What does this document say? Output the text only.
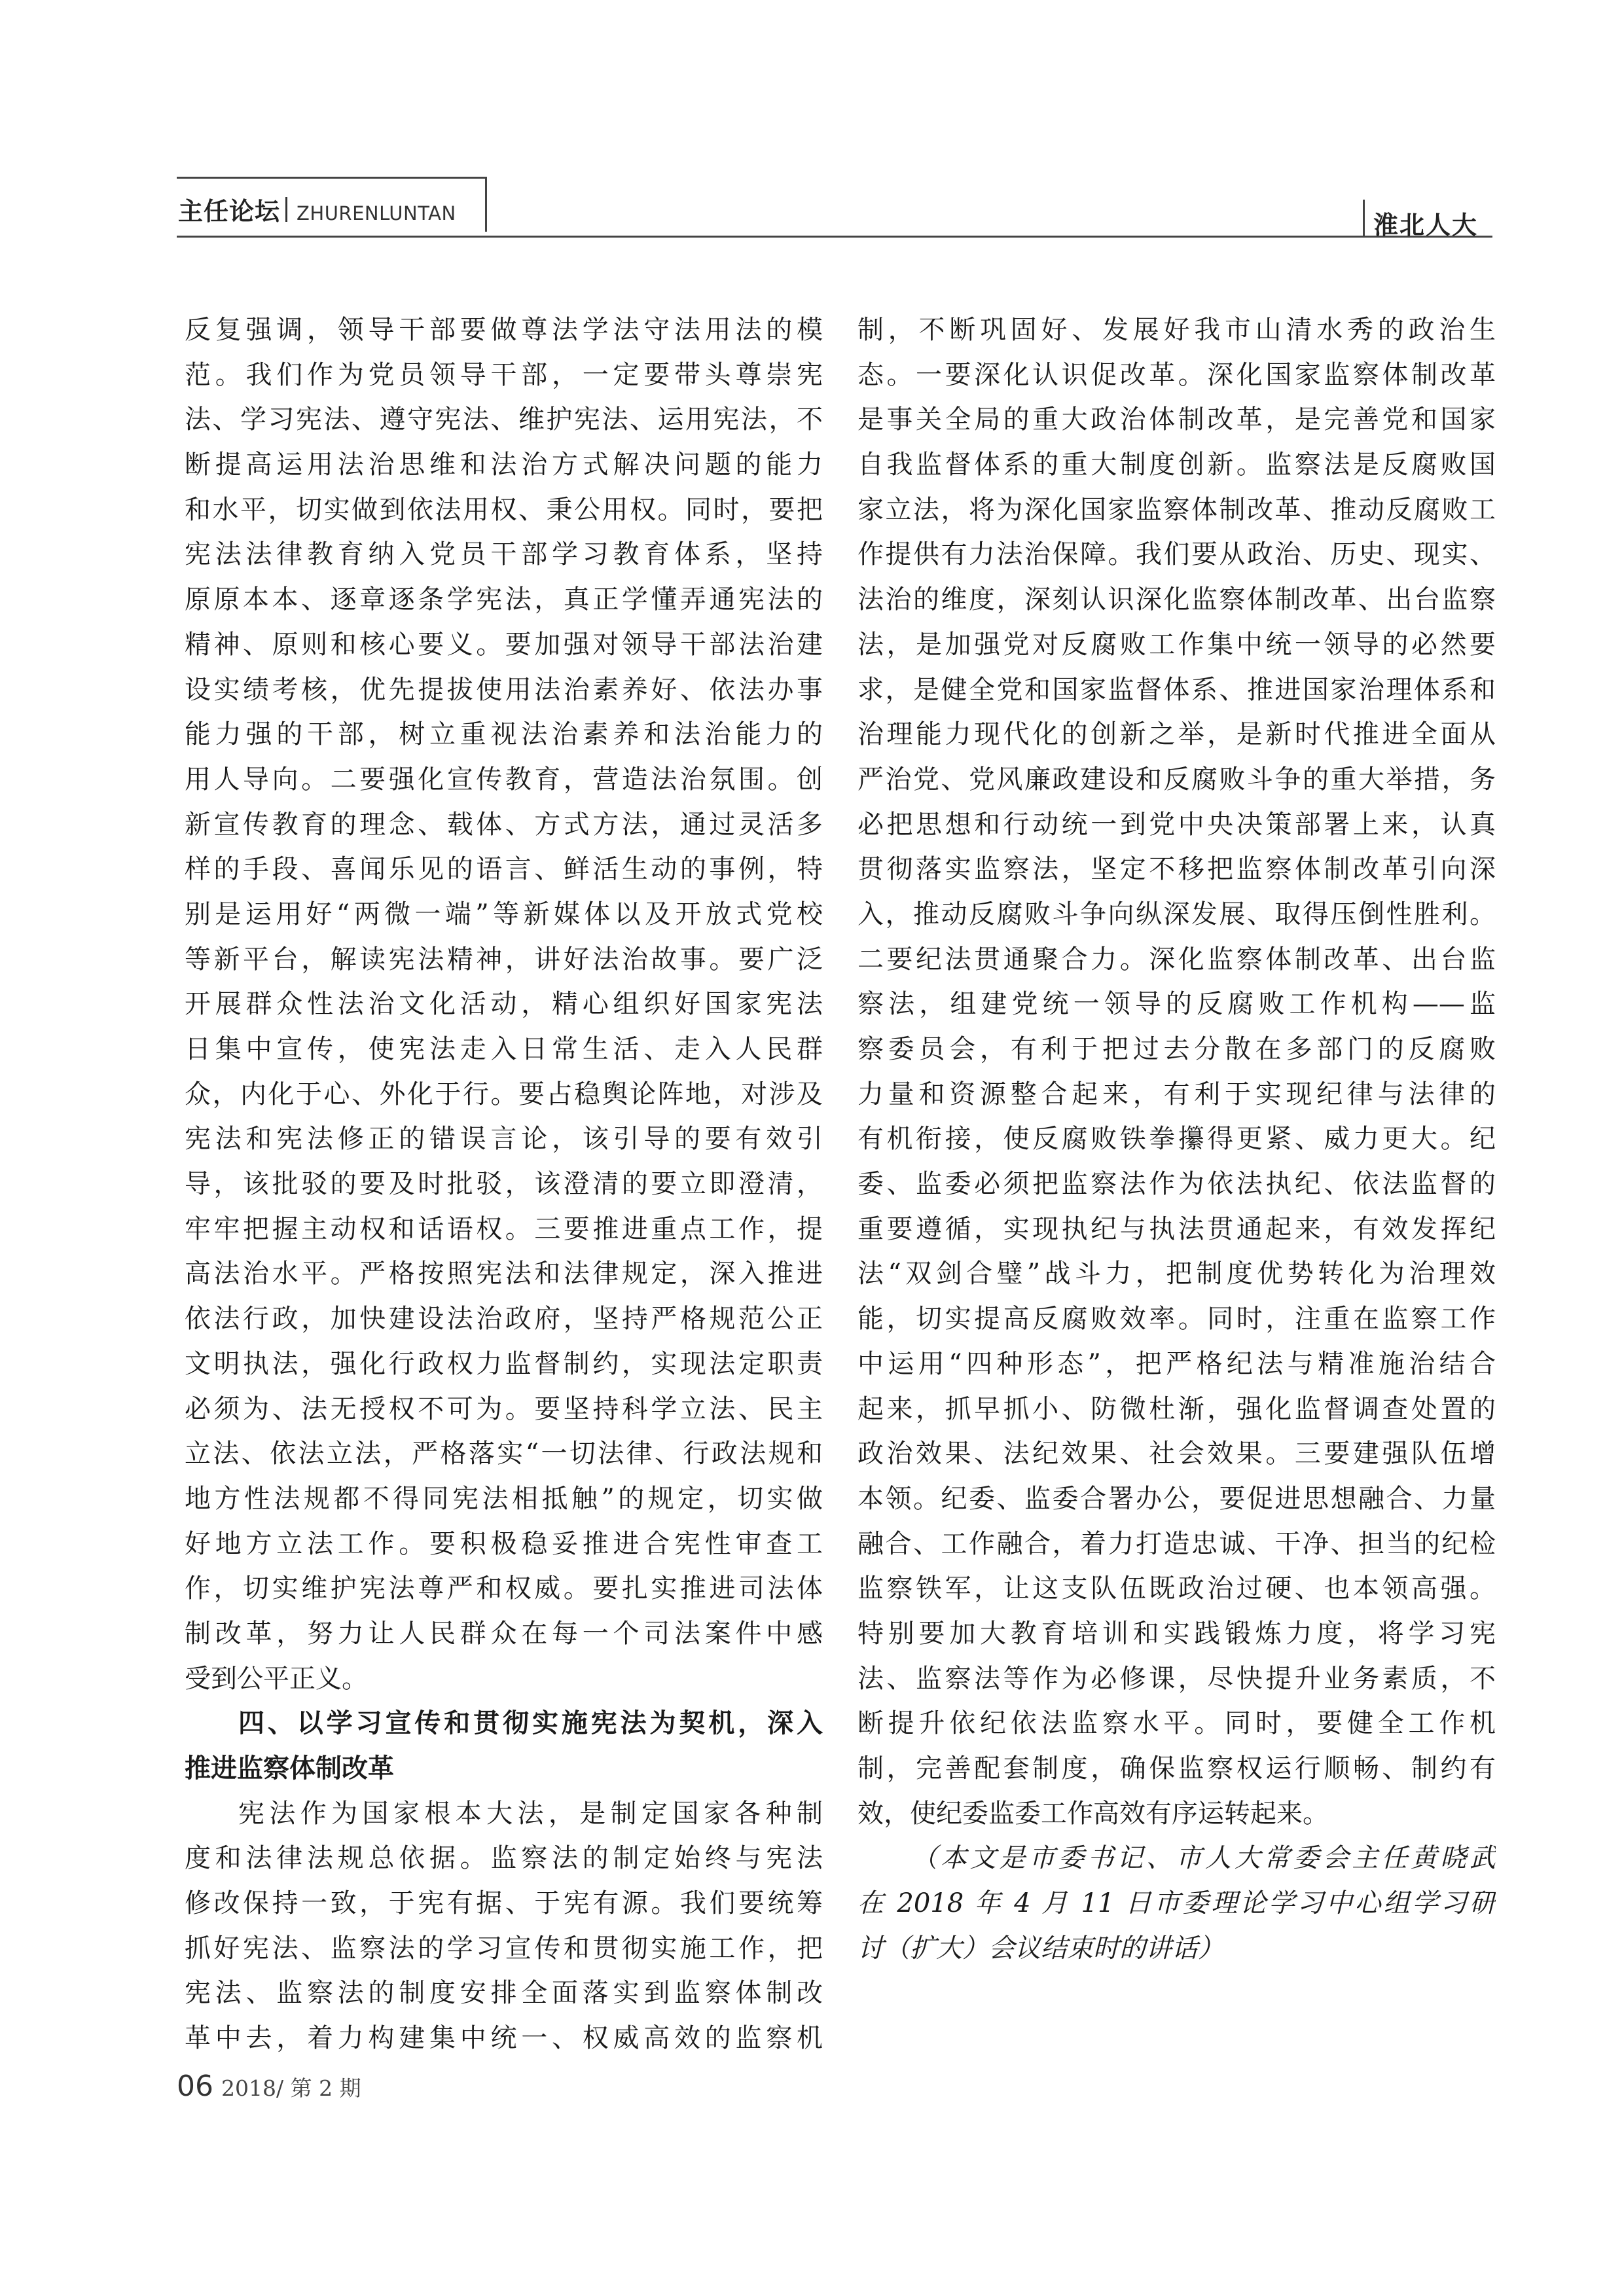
主任论坛 ZHURENLUNTAN	淮北人大
反复强调，领导干部要做尊法学法守法用法的模
范。我们作为党员领导干部，一定要带头尊崇宪
法、学习宪法、遵守宪法、维护宪法、运用宪法，不
断提高运用法治思维和法治方式解决问题的能力
和水平，切实做到依法用权、秉公用权。同时，要把
宪法法律教育纳入党员干部学习教育体系，坚持
原原本本、逐章逐条学宪法，真正学懂弄通宪法的
精神、原则和核心要义。要加强对领导干部法治建
设实绩考核，优先提拔使用法治素养好、依法办事
能力强的干部，树立重视法治素养和法治能力的
用人导向。二要强化宣传教育，营造法治氛围。创
新宣传教育的理念、载体、方式方法，通过灵活多
样的手段、喜闻乐见的语言、鲜活生动的事例，特
别是运用好“两微一端”等新媒体以及开放式党校
等新平台，解读宪法精神，讲好法治故事。要广泛
开展群众性法治文化活动，精心组织好国家宪法
日集中宣传，使宪法走入日常生活、走入人民群
众，内化于心、外化于行。要占稳舆论阵地，对涉及
宪法和宪法修正的错误言论，该引导的要有效引
导，该批驳的要及时批驳，该澄清的要立即澄清，
牢牢把握主动权和话语权。三要推进重点工作，提
高法治水平。严格按照宪法和法律规定，深入推进
依法行政，加快建设法治政府，坚持严格规范公正
文明执法，强化行政权力监督制约，实现法定职责
必须为、法无授权不可为。要坚持科学立法、民主
立法、依法立法，严格落实“一切法律、行政法规和
地方性法规都不得同宪法相抵触”的规定，切实做
好地方立法工作。要积极稳妥推进合宪性审查工
作，切实维护宪法尊严和权威。要扎实推进司法体
制改革，努力让人民群众在每一个司法案件中感
受到公平正义。
四、以学习宣传和贯彻实施宪法为契机，深入
推进监察体制改革
宪法作为国家根本大法，是制定国家各种制
度和法律法规总依据。监察法的制定始终与宪法
修改保持一致，于宪有据、于宪有源。我们要统筹
抓好宪法、监察法的学习宣传和贯彻实施工作，把
宪法、监察法的制度安排全面落实到监察体制改
革中去，着力构建集中统一、权威高效的监察机
制，不断巩固好、发展好我市山清水秀的政治生
态。一要深化认识促改革。深化国家监察体制改革
是事关全局的重大政治体制改革，是完善党和国家
自我监督体系的重大制度创新。监察法是反腐败国
家立法，将为深化国家监察体制改革、推动反腐败工
作提供有力法治保障。我们要从政治、历史、现实、
法治的维度，深刻认识深化监察体制改革、出台监察
法，是加强党对反腐败工作集中统一领导的必然要
求，是健全党和国家监督体系、推进国家治理体系和
治理能力现代化的创新之举，是新时代推进全面从
严治党、党风廉政建设和反腐败斗争的重大举措，务
必把思想和行动统一到党中央决策部署上来，认真
贯彻落实监察法，坚定不移把监察体制改革引向深
入，推动反腐败斗争向纵深发展、取得压倒性胜利。
二要纪法贯通聚合力。深化监察体制改革、出台监
察法，组建党统一领导的反腐败工作机构——监
察委员会，有利于把过去分散在多部门的反腐败
力量和资源整合起来，有利于实现纪律与法律的
有机衔接，使反腐败铁拳攥得更紧、威力更大。纪
委、监委必须把监察法作为依法执纪、依法监督的
重要遵循，实现执纪与执法贯通起来，有效发挥纪
法“双剑合璧”战斗力，把制度优势转化为治理效
能，切实提高反腐败效率。同时，注重在监察工作
中运用“四种形态”，把严格纪法与精准施治结合
起来，抓早抓小、防微杜渐，强化监督调查处置的
政治效果、法纪效果、社会效果。三要建强队伍增
本领。纪委、监委合署办公，要促进思想融合、力量
融合、工作融合，着力打造忠诚、干净、担当的纪检
监察铁军，让这支队伍既政治过硬、也本领高强。
特别要加大教育培训和实践锻炼力度，将学习宪
法、监察法等作为必修课，尽快提升业务素质，不
断提升依纪依法监察水平。同时，要健全工作机
制，完善配套制度，确保监察权运行顺畅、制约有
效，使纪委监委工作高效有序运转起来。
（本文是市委书记、市人大常委会主任黄晓武
在 2018 年 4 月 11 日市委理论学习中心组学习研
讨（扩大）会议结束时的讲话）
06 2018/ 第 2 期
